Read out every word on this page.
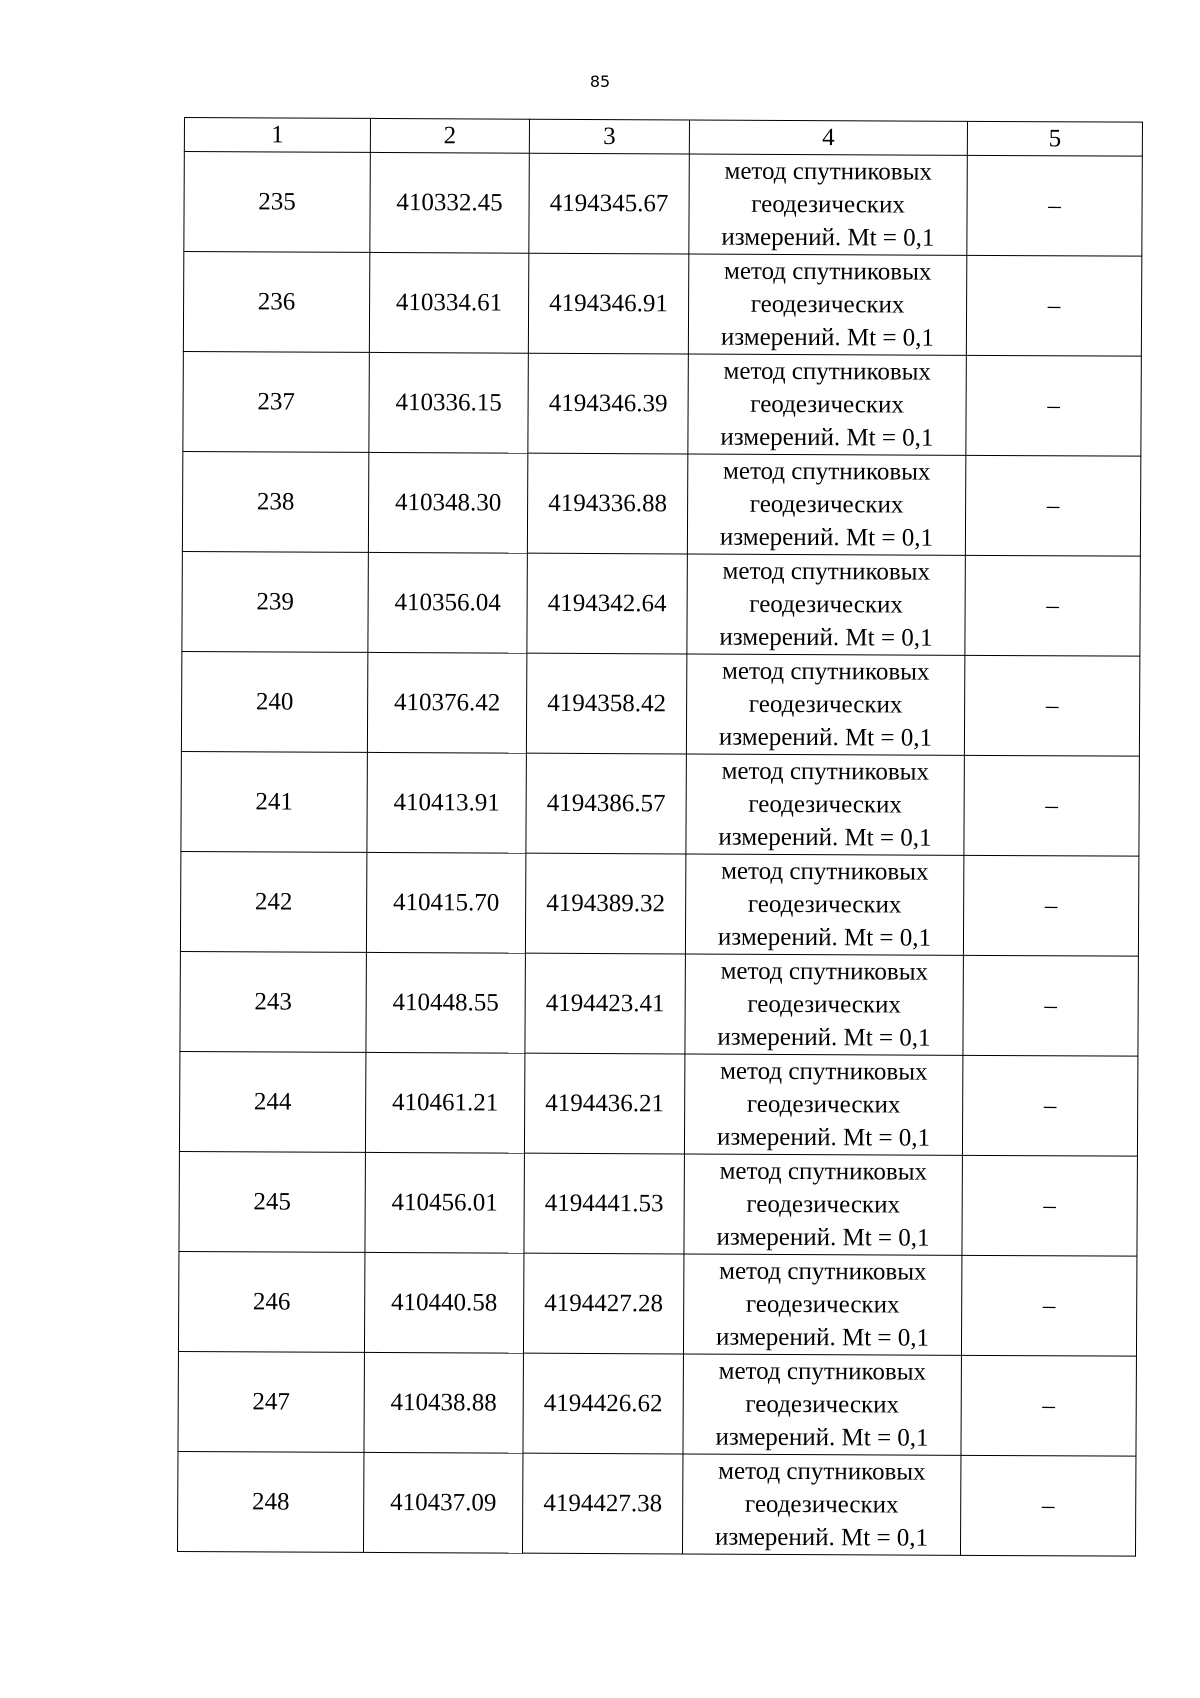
85
1	2	3	4	5
235	410332.45	4194345.67	метод спутниковых
геодезических
измерений. Mt = 0,1	–
236	410334.61	4194346.91	метод спутниковых
геодезических
измерений. Mt = 0,1	–
237	410336.15	4194346.39	метод спутниковых
геодезических
измерений. Mt = 0,1	–
238	410348.30	4194336.88	метод спутниковых
геодезических
измерений. Mt = 0,1	–
239	410356.04	4194342.64	метод спутниковых
геодезических
измерений. Mt = 0,1	–
240	410376.42	4194358.42	метод спутниковых
геодезических
измерений. Mt = 0,1	–
241	410413.91	4194386.57	метод спутниковых
геодезических
измерений. Mt = 0,1	–
242	410415.70	4194389.32	метод спутниковых
геодезических
измерений. Mt = 0,1	–
243	410448.55	4194423.41	метод спутниковых
геодезических
измерений. Mt = 0,1	–
244	410461.21	4194436.21	метод спутниковых
геодезических
измерений. Mt = 0,1	–
245	410456.01	4194441.53	метод спутниковых
геодезических
измерений. Mt = 0,1	–
246	410440.58	4194427.28	метод спутниковых
геодезических
измерений. Mt = 0,1	–
247	410438.88	4194426.62	метод спутниковых
геодезических
измерений. Mt = 0,1	–
248	410437.09	4194427.38	метод спутниковых
геодезических
измерений. Mt = 0,1	–
